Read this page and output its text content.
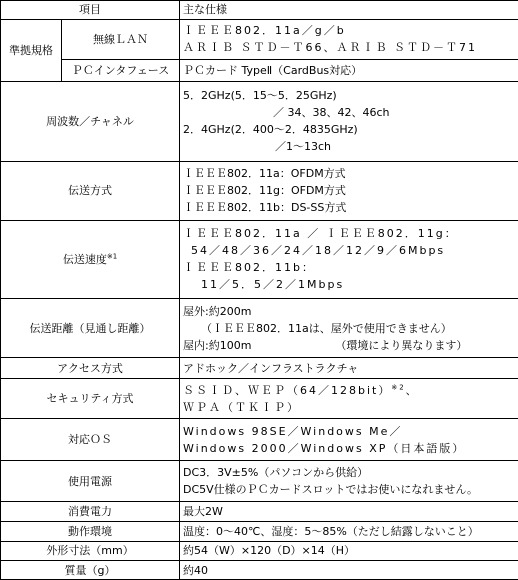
項目		主な仕様
準拠規格	無線ＬＡＮ	ＩＥＥＥ802．11a／g／b
ＡＲＩＢ ＳＴＤ－Ｔ66、ＡＲＩＢ ＳＴＤ－Ｔ71

	ＰＣインタフェース	ＰＣカード TypeⅡ（CardBus対応）
周波数／チャネル		5．2GHz(5．15～5．25GHz)
／ 34、38、42、46ch
2．4GHz(2．400～2．4835GHz)
／1～13ch

伝送方式		ＩＥＥＥ802．11a：OFDM方式
ＩＥＥＥ802．11g：OFDM方式
ＩＥＥＥ802．11b：DS-SS方式

伝送速度$^{※1}$		ＩＥＥＥ802．11a ／ ＩＥＥＥ802．11g：
54／48／36／24／18／12／9／6Mbps
ＩＥＥＥ802．11b：
11／5．5／2／1Mbps

伝送距離（見通し距離）		屋外:約200m
（ＩＥＥＥ802．11aは、屋外で使用できません）
屋内:約100m （環境により異なります）

アクセス方式		アドホック／インフラストラクチャ
セキュリティ方式		ＳＳＩＤ、ＷＥＰ（64／128bit）$^{※2}$、
ＷＰＡ（ＴＫＩＰ）

対応ＯＳ		Windows 98SE／Windows Me／
Windows 2000／Windows XP（日本語版）

使用電源		DC3．3V±5%（パソコンから供給）
DC5V仕様のＰＣカードスロットではお使いになれません。

消費電力		最大2W
動作環境		温度：0～40℃、湿度：5～85%（ただし結露しないこと）
外形寸法（mm）		約54（W）×120（D）×14（H）
質量（g）		約40
